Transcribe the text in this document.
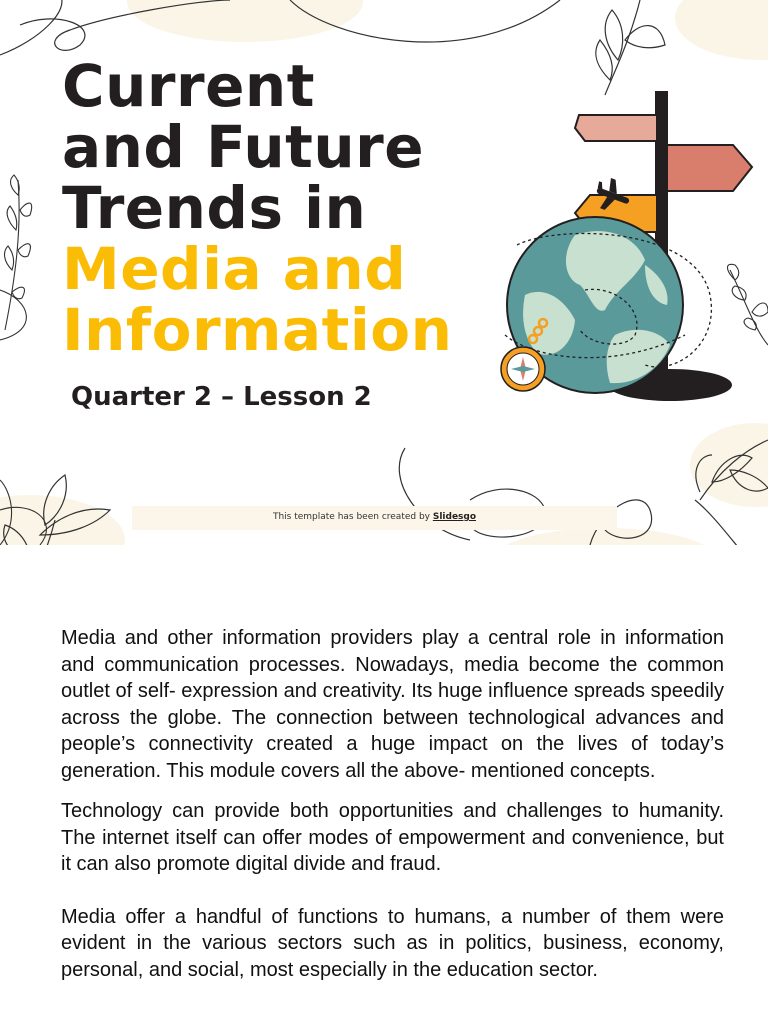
Current
and Future
Trends in
Media and
Information
Quarter 2 – Lesson 2
This template has been created by Slidesgo

Media and other information providers play a central role in information and communication processes. Nowadays, media become the common outlet of self- expression and creativity. Its huge influence spreads speedily across the globe. The connection between technological advances and people’s connectivity created a huge impact on the lives of today’s generation. This module covers all the above- mentioned concepts.

Technology can provide both opportunities and challenges to humanity. The internet itself can offer modes of empowerment and convenience, but it can also promote digital divide and fraud.

Media offer a handful of functions to humans, a number of them were evident in the various sectors such as in politics, business, economy, personal, and social, most especially in the education sector.
